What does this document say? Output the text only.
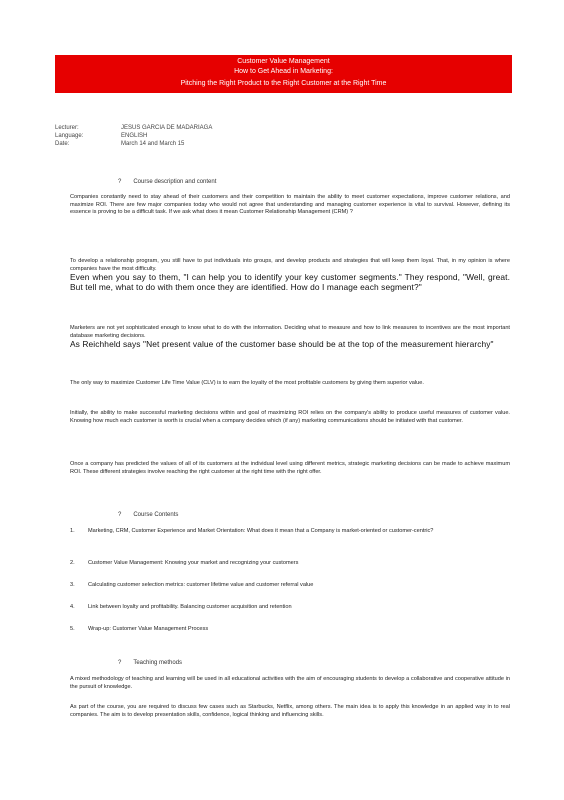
Customer Value Management
How to Get Ahead in Marketing:
Pitching the Right Product to the Right Customer at the Right Time
Lecturer:	JESUS GARCIA DE MADARIAGA
Language:	ENGLISH
Date:	March 14 and March 15
? Course description and content
Companies constantly need to stay ahead of their customers and their competition to maintain the ability to meet customer expectations, improve customer relations, and maximize ROI. There are few major companies today who would not agree that understanding and managing customer experience is vital to survival. However, defining its essence is proving to be a difficult task. If we ask what does it mean Customer Relationship Management (CRM) ?
To develop a relationship program, you still have to put individuals into groups, and develop products and strategies that will keep them loyal. That, in my opinion is where companies have the most difficulty.
Even when you say to them, "I can help you to identify your key customer segments." They respond, "Well, great. But tell me, what to do with them once they are identified. How do I manage each segment?"
Marketers are not yet sophisticated enough to know what to do with the information. Deciding what to measure and how to link measures to incentives are the most important database marketing decisions.
As Reichheld says "Net present value of the customer base should be at the top of the measurement hierarchy"
The only way to maximize Customer Life Time Value (CLV) is to earn the loyalty of the most profitable customers by giving them superior value.
Initially, the ability to make successful marketing decisions within and goal of maximizing ROI relies on the company's ability to produce useful measures of customer value. Knowing how much each customer is worth is crucial when a company decides which (if any) marketing communications should be initiated with that customer.
Once a company has predicted the values of all of its customers at the individual level using different metrics, strategic marketing decisions can be made to achieve maximum ROI. These different strategies involve reaching the right customer at the right time with the right offer.
? Course Contents
1.	Marketing, CRM, Customer Experience and Market Orientation: What does it mean that a Company is market-oriented or customer-centric?
2.	Customer Value Management: Knowing your market and recognizing your customers
3.	Calculating customer selection metrics: customer lifetime value and customer referral value
4.	Link between loyalty and profitability. Balancing customer acquisition and retention
5.	Wrap-up: Customer Value Management Process
? Teaching methods
A mixed methodology of teaching and learning will be used in all educational activities with the aim of encouraging students to develop a collaborative and cooperative attitude in the pursuit of knowledge.
As part of the course, you are required to discuss few cases such as Starbucks, Netflix, among others. The main idea is to apply this knowledge in an applied way in to real companies. The aim is to develop presentation skills, confidence, logical thinking and influencing skills.
